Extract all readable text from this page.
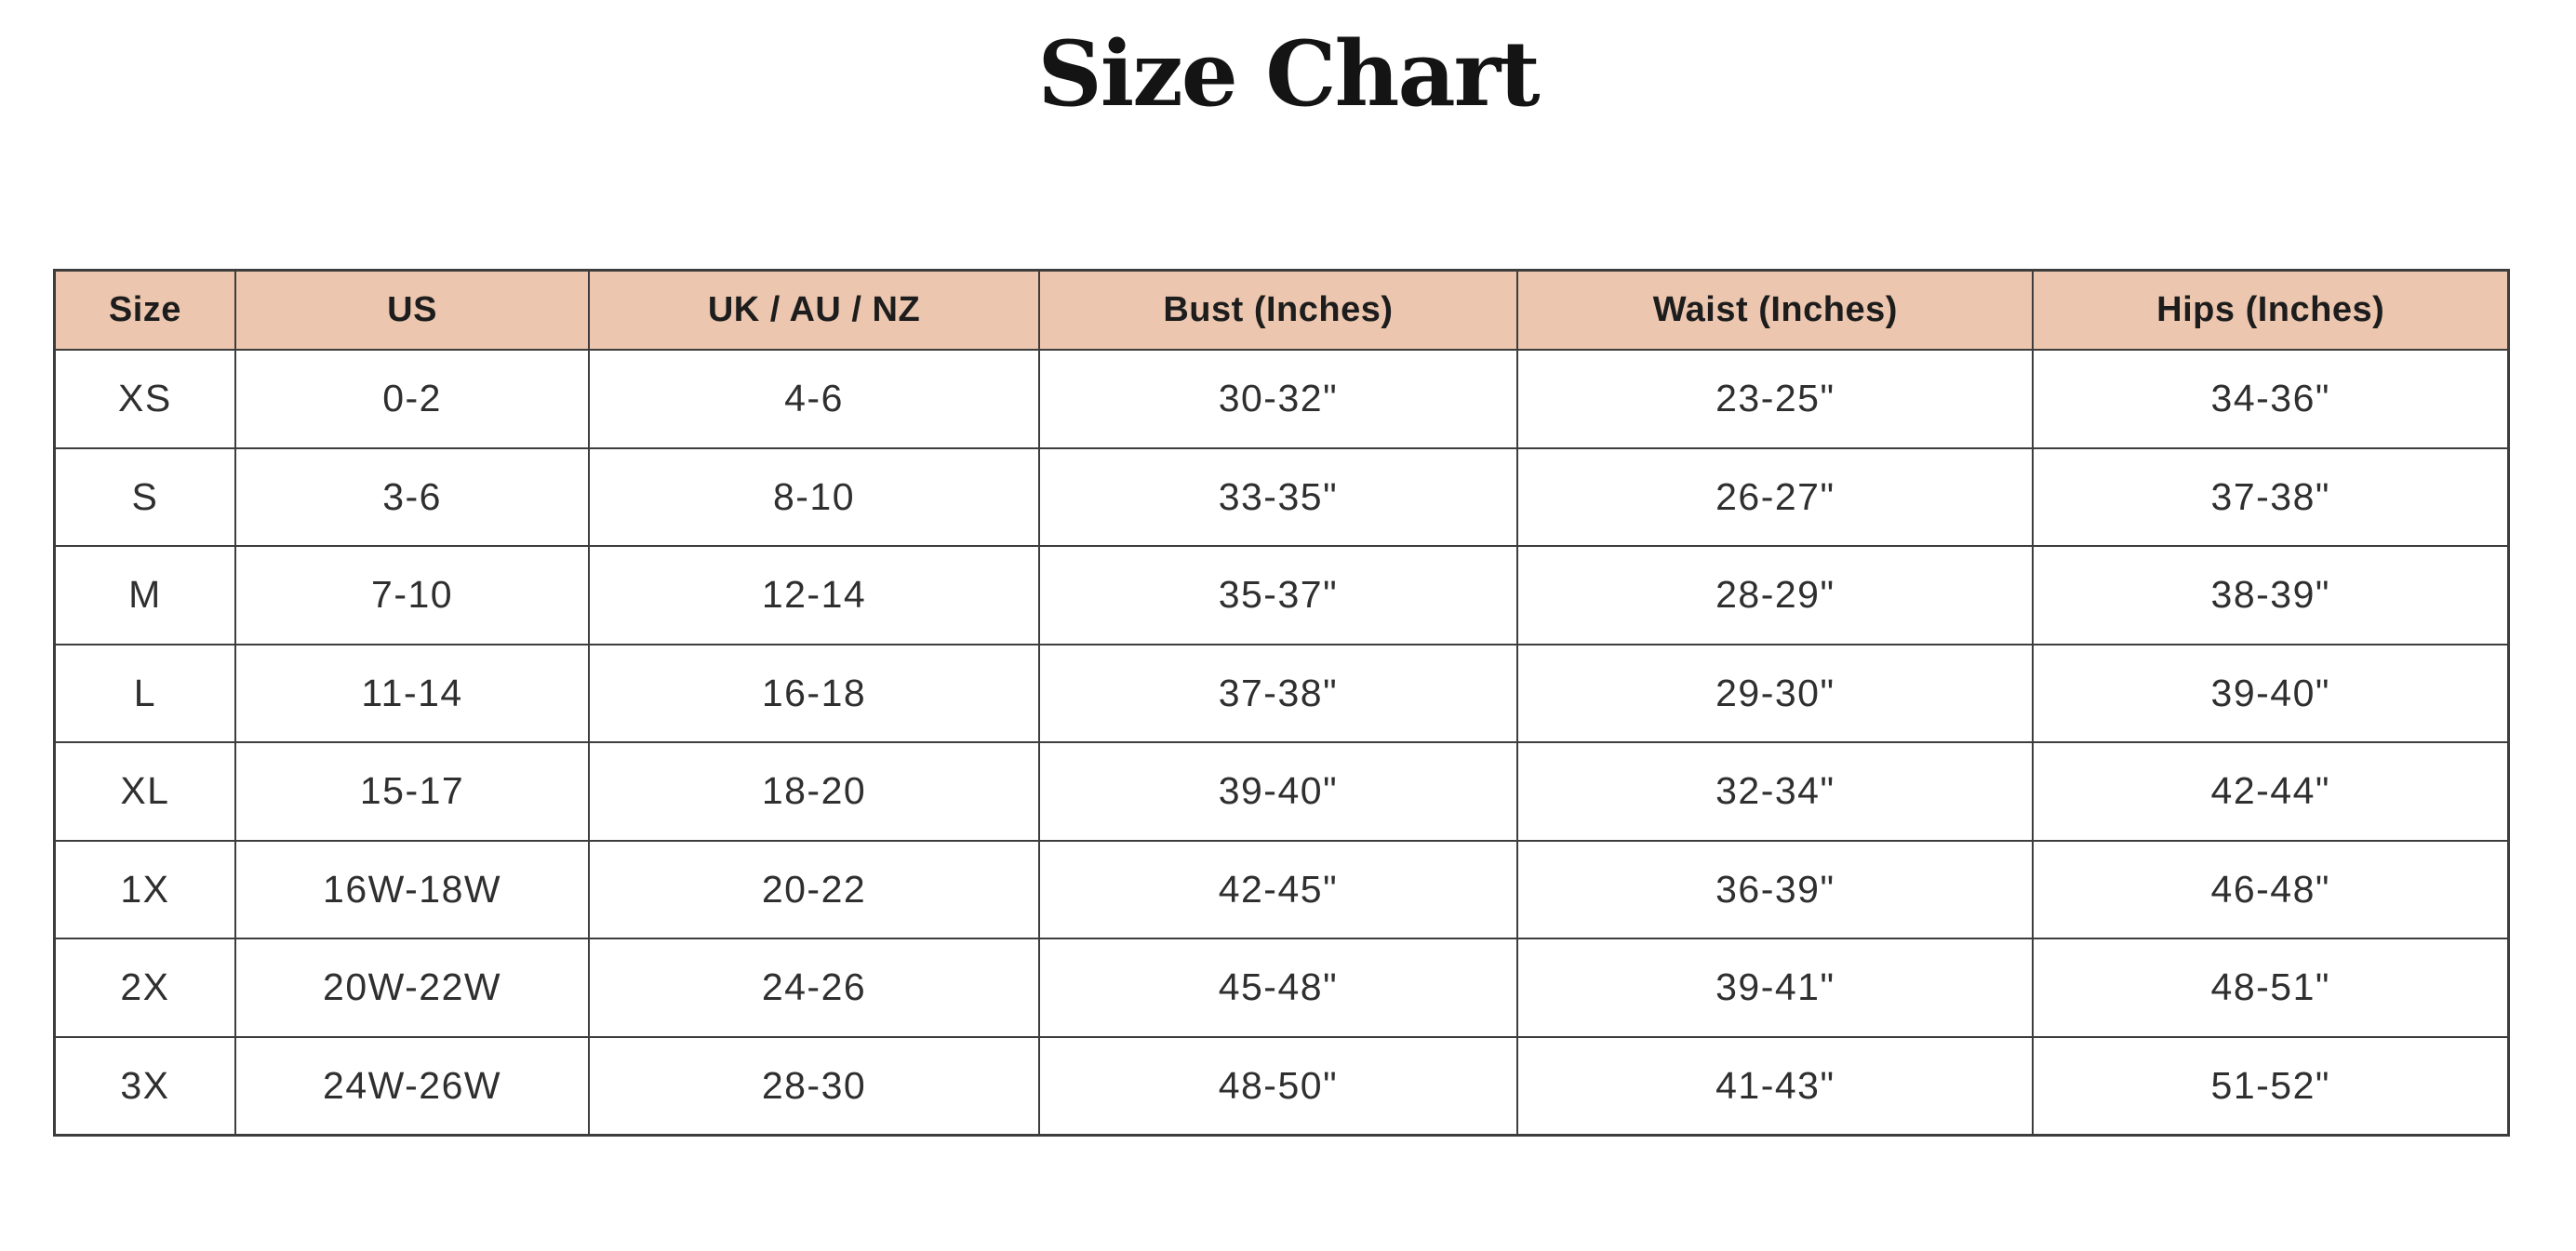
Size Chart
Size	US	UK / AU / NZ	Bust (Inches)	Waist (Inches)	Hips (Inches)
XS	0-2	4-6	30-32"	23-25"	34-36"
S	3-6	8-10	33-35"	26-27"	37-38"
M	7-10	12-14	35-37"	28-29"	38-39"
L	11-14	16-18	37-38"	29-30"	39-40"
XL	15-17	18-20	39-40"	32-34"	42-44"
1X	16W-18W	20-22	42-45"	36-39"	46-48"
2X	20W-22W	24-26	45-48"	39-41"	48-51"
3X	24W-26W	28-30	48-50"	41-43"	51-52"
